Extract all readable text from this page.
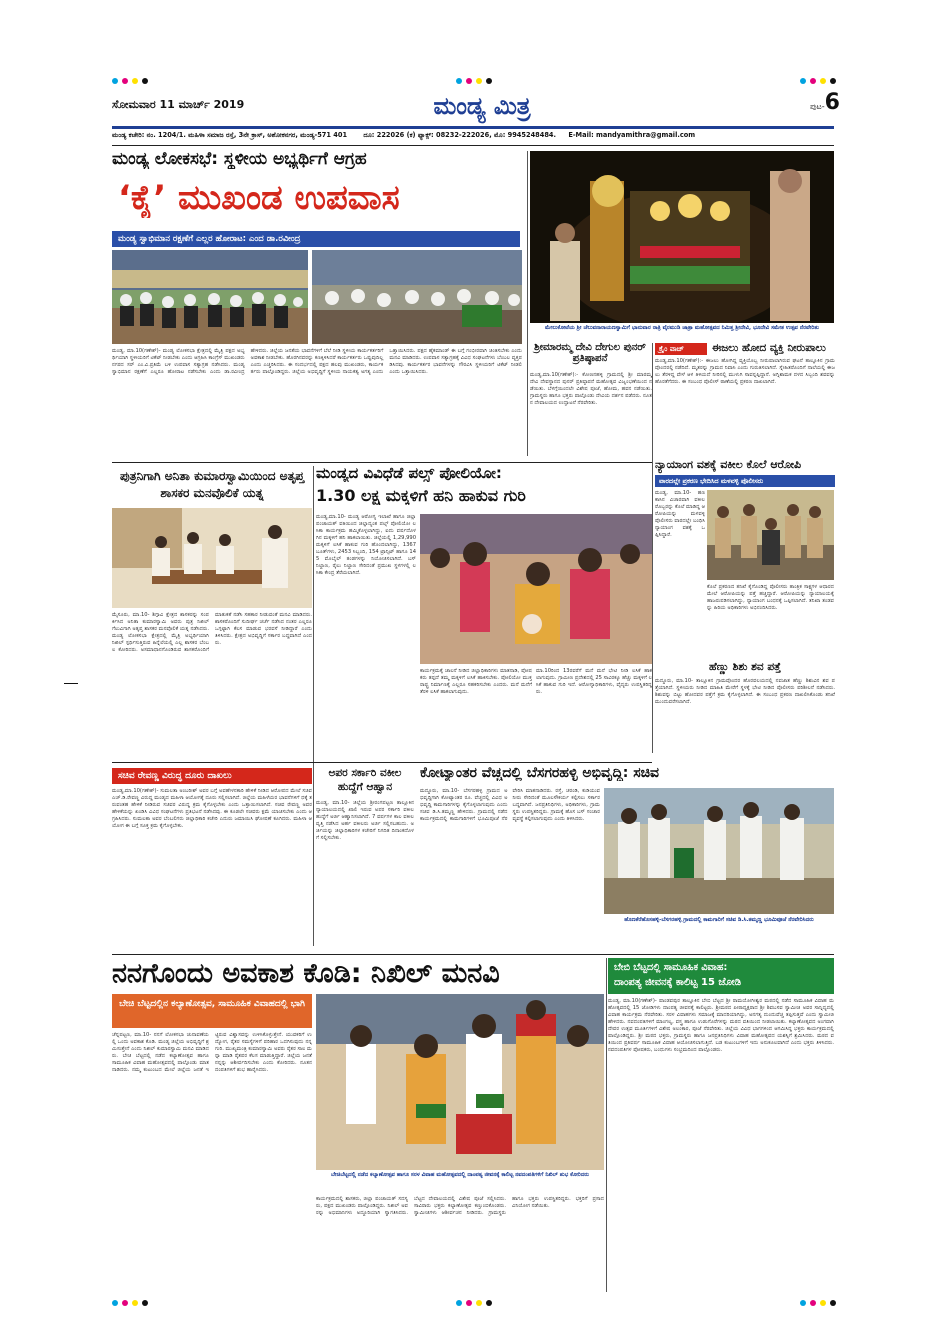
ಸೋಮವಾರ 11 ಮಾರ್ಚ್ 2019	ಮಂಡ್ಯ ಮಿತ್ರ	ಪುಟ-6
ಮಂಡ್ಯ ಕಚೇರಿ: ನಂ. 1204/1. ಮಹಿಳಾ ಸಮಾಜ ರಸ್ತೆ, 3ನೇ ಕ್ರಾಸ್, ಅಶೋಕನಗರ, ಮಂಡ್ಯ-571 401 ದೂ: 222026 (ಕ) ಫ್ಯಾಕ್ಸ್: 08232-222026, ಮೊ: 9945248484. E-Mail: mandyamithra@gmail.com
ಮಂಡ್ಯ ಲೋಕಸಭೆ: ಸ್ಥಳೀಯ ಅಭ್ಯರ್ಥಿಗೆ ಆಗ್ರಹ
‘ಕೈ’ ಮುಖಂಡ ಉಪವಾಸ
ಮಂಡ್ಯ ಸ್ವಾಭಿಮಾನ ರಕ್ಷಣೆಗೆ ಎಲ್ಲರ ಹೋರಾಟ: ಎಂದ ಡಾ.ರವೀಂದ್ರ
ಮಂಡ್ಯ, ಮಾ.10(ಗಣೇಶ್)- ಮಂಡ್ಯ ಲೋಕಸಭಾ ಕ್ಷೇತ್ರದಲ್ಲಿ ಮೈತ್ರಿ ಪಕ್ಷದ ಅಭ್ಯರ್ಥಿಯಾಗಿ ಸ್ಥಳೀಯರಿಗೆ ಟಿಕೆಟ್ ನೀಡಬೇಕು ಎಂದು ಆಗ್ರಹಿಸಿ ಕಾಂಗ್ರೆಸ್ ಮುಖಂಡರು ನಗರದ ಸರ್ ಎಂ.ವಿ.ಪ್ರತಿಮೆ ಬಳಿ ಉಪವಾಸ ಸತ್ಯಾಗ್ರಹ ನಡೆಸಿದರು. ಮಂಡ್ಯ ಸ್ವಾಭಿಮಾನ ರಕ್ಷಣೆಗೆ ಎಲ್ಲರೂ ಹೋರಾಟ ನಡೆಸಬೇಕು ಎಂದು ಡಾ.ರವೀಂದ್ರ ಹೇಳಿದರು. ಜಿಲ್ಲೆಯ ಜನತೆಯ ಭಾವನೆಗಳಿಗೆ ಬೆಲೆ ನೀಡಿ ಸ್ಥಳೀಯ ಕಾರ್ಯಕರ್ತರಿಗೆ ಅವಕಾಶ ನೀಡಬೇಕು. ಹೊರಗಿನವರನ್ನು ಕಣಕ್ಕಿಳಿಸಿದರೆ ಕಾರ್ಯಕರ್ತರು ಒಪ್ಪುವುದಿಲ್ಲ ಎಂದು ಎಚ್ಚರಿಸಿದರು. ಈ ಸಂದರ್ಭದಲ್ಲಿ ಪಕ್ಷದ ಹಲವು ಮುಖಂಡರು, ಕಾರ್ಯಕರ್ತರು ಪಾಲ್ಗೊಂಡಿದ್ದರು. ಜಿಲ್ಲೆಯ ಅಭಿವೃದ್ಧಿಗೆ ಸ್ಥಳೀಯ ನಾಯಕತ್ವ ಅಗತ್ಯ ಎಂದು ಒತ್ತಾಯಿಸಿದರು. ಪಕ್ಷದ ಹೈಕಮಾಂಡ್ ಈ ಬಗ್ಗೆ ಗಂಭೀರವಾಗಿ ಚಿಂತಿಸಬೇಕು ಎಂದು ಮನವಿ ಮಾಡಿದರು. ಉಪವಾಸ ಸತ್ಯಾಗ್ರಹಕ್ಕೆ ವಿವಿಧ ಸಂಘಟನೆಗಳು ಬೆಂಬಲ ವ್ಯಕ್ತಪಡಿಸಿದವು. ಕಾರ್ಯಕರ್ತರ ಭಾವನೆಗಳನ್ನು ಗೌರವಿಸಿ ಸ್ಥಳೀಯರಿಗೆ ಟಿಕೆಟ್ ನೀಡಲಿ ಎಂದು ಒತ್ತಾಯಿಸಿದರು.
ಮೇಲುಕೋಟೆಯ ಶ್ರೀ ಚೆಲುವನಾರಾಯಣಸ್ವಾಮಿಗೆ ಭಾನುವಾರ ರಾತ್ರಿ ವೈರಮುಡಿ ಜಾತ್ರಾ ಮಹೋತ್ಸವದ ನಿಮಿತ್ತ ಶ್ರೀದೇವಿ, ಭೂದೇವಿ ಸಮೇತ ಉತ್ಸವ ನೆರವೇರಿತು
ಶ್ರೀಮಾರಮ್ಮ ದೇವಿ ದೇಗುಲ ಪುನರ್ ಪ್ರತಿಷ್ಠಾಪನೆ
ಮಂಡ್ಯ,ಮಾ.10(ಗಣೇಶ್):- ಕೋಣನಹಳ್ಳಿ ಗ್ರಾಮದಲ್ಲಿ ಶ್ರೀ ಮಾರಮ್ಮ ದೇವಿ ದೇವಸ್ಥಾನದ ಪುನರ್ ಪ್ರತಿಷ್ಠಾಪನೆ ಮಹೋತ್ಸವ ವಿಜೃಂಭಣೆಯಿಂದ ನಡೆಯಿತು. ಬೆಳಗ್ಗೆಯಿಂದಲೇ ವಿಶೇಷ ಪೂಜೆ, ಹೋಮ, ಹವನ ನಡೆಯಿತು. ಗ್ರಾಮಸ್ಥರು ಹಾಗೂ ಭಕ್ತರು ಪಾಲ್ಗೊಂಡು ದೇವಿಯ ದರ್ಶನ ಪಡೆದರು. ನೂತನ ದೇವಾಲಯದ ಉದ್ಘಾಟನೆ ನೆರವೇರಿತು.
ಕ್ರೈಂ ವಾಚ್	ಈಜಲು ಹೋದ ವ್ಯಕ್ತಿ ನೀರುಪಾಲು
ಮಂಡ್ಯ,ಮಾ.10(ಗಣೇಶ್):- ಈಜಲು ಹೋಗಿದ್ದ ವ್ಯಕ್ತಿಯೊಬ್ಬ ನೀರುಪಾಲಾಗಿರುವ ಘಟನೆ ತಾಲ್ಲೂಕಿನ ಗ್ರಾಮವೊಂದರಲ್ಲಿ ನಡೆದಿದೆ. ಮೃತರನ್ನು ಗ್ರಾಮದ ನಿವಾಸಿ ಎಂದು ಗುರುತಿಸಲಾಗಿದೆ. ಸ್ನೇಹಿತರೊಂದಿಗೆ ನಾಲೆಯಲ್ಲಿ ಈಜಲು ತೆರಳಿದ್ದ ವೇಳೆ ಆಳ ತಿಳಿಯದೆ ನೀರಿನಲ್ಲಿ ಮುಳುಗಿ ಸಾವನ್ನಪ್ಪಿದ್ದಾನೆ. ಅಗ್ನಿಶಾಮಕ ದಳದ ಸಿಬ್ಬಂದಿ ಶವವನ್ನು ಹೊರತೆಗೆದರು. ಈ ಸಂಬಂಧ ಪೊಲೀಸ್ ಠಾಣೆಯಲ್ಲಿ ಪ್ರಕರಣ ದಾಖಲಾಗಿದೆ.
ನ್ಯಾಯಾಂಗ ವಶಕ್ಕೆ ವಕೀಲ ಕೊಲೆ ಆರೋಪಿ
ವಾರದಲ್ಲೇ ಪ್ರಕರಣ ಭೇದಿಸಿದ ಮಳವಳ್ಳಿ ಪೊಲೀಸರು
ಮಂಡ್ಯ, ಮಾ.10- ಹಣಕಾಸಿನ ವಿಚಾರವಾಗಿ ವಕೀಲರೊಬ್ಬರನ್ನು ಕೊಲೆ ಮಾಡಿದ್ದ ಆರೋಪಿಯನ್ನು ಮಳವಳ್ಳಿ ಪೊಲೀಸರು ವಾರದಲ್ಲೇ ಬಂಧಿಸಿ ನ್ಯಾಯಾಂಗ ವಶಕ್ಕೆ ಒಪ್ಪಿಸಿದ್ದಾರೆ.
ಕೊಲೆ ಪ್ರಕರಣದ ತನಿಖೆ ಕೈಗೊಂಡಿದ್ದ ಪೊಲೀಸರು ತಾಂತ್ರಿಕ ಸಾಕ್ಷ್ಯಗಳ ಆಧಾರದ ಮೇಲೆ ಆರೋಪಿಯನ್ನು ಪತ್ತೆ ಹಚ್ಚಿದ್ದಾರೆ. ಆರೋಪಿಯನ್ನು ನ್ಯಾಯಾಲಯಕ್ಕೆ ಹಾಜರುಪಡಿಸಲಾಗಿದ್ದು, ನ್ಯಾಯಾಂಗ ಬಂಧನಕ್ಕೆ ಒಪ್ಪಿಸಲಾಗಿದೆ. ತನಿಖಾ ತಂಡವನ್ನು ಹಿರಿಯ ಅಧಿಕಾರಿಗಳು ಅಭಿನಂದಿಸಿದರು.
ಹೆಣ್ಣು ಶಿಶು ಶವ ಪತ್ತೆ
ಮದ್ದೂರು, ಮಾ.10- ತಾಲ್ಲೂಕಿನ ಗ್ರಾಮವೊಂದರ ಹೊರವಲಯದಲ್ಲಿ ನವಜಾತ ಹೆಣ್ಣು ಶಿಶುವಿನ ಶವ ಪತ್ತೆಯಾಗಿದೆ. ಸ್ಥಳೀಯರು ನೀಡಿದ ಮಾಹಿತಿ ಮೇರೆಗೆ ಸ್ಥಳಕ್ಕೆ ಭೇಟಿ ನೀಡಿದ ಪೊಲೀಸರು ಪರಿಶೀಲನೆ ನಡೆಸಿದರು. ಶಿಶುವನ್ನು ಬಿಟ್ಟು ಹೋದವರ ಪತ್ತೆಗೆ ಕ್ರಮ ಕೈಗೊಳ್ಳಲಾಗಿದೆ. ಈ ಸಂಬಂಧ ಪ್ರಕರಣ ದಾಖಲಿಸಿಕೊಂಡು ತನಿಖೆ ಮುಂದುವರೆಸಲಾಗಿದೆ.
ಪುತ್ರನಿಗಾಗಿ ಅನಿತಾ ಕುಮಾರಸ್ವಾಮಿಯಿಂದ ಅತೃಪ್ತ ಶಾಸಕರ ಮನವೊಲಿಕೆ ಯತ್ನ
ಮೈಸೂರು, ಮಾ.10- ಶಿಗ್ಗಾವಿ ಕ್ಷೇತ್ರದ ಶಾಸಕರನ್ನು ಸಂಪರ್ಕಿಸಿದ ಅನಿತಾ ಕುಮಾರಸ್ವಾಮಿ ಅವರು ಪುತ್ರ ನಿಖಿಲ್ ಗೆಲುವಿಗಾಗಿ ಅತೃಪ್ತ ಶಾಸಕರ ಮನವೊಲಿಕೆ ಯತ್ನ ನಡೆಸಿದರು. ಮಂಡ್ಯ ಲೋಕಸಭಾ ಕ್ಷೇತ್ರದಲ್ಲಿ ಮೈತ್ರಿ ಅಭ್ಯರ್ಥಿಯಾಗಿ ನಿಖಿಲ್ ಸ್ಪರ್ಧಿಸುತ್ತಿರುವ ಹಿನ್ನೆಲೆಯಲ್ಲಿ ಎಲ್ಲ ಶಾಸಕರ ಬೆಂಬಲ ಕೋರಿದರು. ಅಸಮಾಧಾನಗೊಂಡಿರುವ ಶಾಸಕರೊಂದಿಗೆ ಮಾತುಕತೆ ನಡೆಸಿ ಸಹಕಾರ ನೀಡುವಂತೆ ಮನವಿ ಮಾಡಿದರು. ಶಾಸಕರೊಂದಿಗೆ ಸುದೀರ್ಘ ಚರ್ಚೆ ನಡೆಸಿದ ನಂತರ ಎಲ್ಲರೂ ಒಗ್ಗಟ್ಟಾಗಿ ಕೆಲಸ ಮಾಡುವ ಭರವಸೆ ನೀಡಿದ್ದಾರೆ ಎಂದು ತಿಳಿಸಿದರು. ಕ್ಷೇತ್ರದ ಅಭಿವೃದ್ಧಿಗೆ ಸರ್ಕಾರ ಬದ್ಧವಾಗಿದೆ ಎಂದರು.
ಮಂಡ್ಯದ ವಿವಿಧೆಡೆ ಪಲ್ಸ್ ಪೋಲಿಯೋ:
1.30 ಲಕ್ಷ ಮಕ್ಕಳಿಗೆ ಹನಿ ಹಾಕುವ ಗುರಿ
ಮಂಡ್ಯ,ಮಾ.10- ಮಂಡ್ಯ ಆರೋಗ್ಯ ಇಲಾಖೆ ಹಾಗೂ ಜಿಲ್ಲಾ ಪಂಚಾಯತ್ ವತಿಯಿಂದ ಜಿಲ್ಲಾದ್ಯಂತ ಪಲ್ಸ್ ಪೋಲಿಯೋ ಲಸಿಕಾ ಕಾರ್ಯಕ್ರಮ ಹಮ್ಮಿಕೊಳ್ಳಲಾಗಿದ್ದು, ಐದು ವರ್ಷದೊಳಗಿನ ಮಕ್ಕಳಿಗೆ ಹನಿ ಹಾಕಲಾಯಿತು. ಜಿಲ್ಲೆಯಲ್ಲಿ 1,29,990 ಮಕ್ಕಳಿಗೆ ಲಸಿಕೆ ಹಾಕುವ ಗುರಿ ಹೊಂದಲಾಗಿದ್ದು, 1367 ಬೂತ್‌ಗಳು, 2453 ಸಿಬ್ಬಂದಿ, 154 ಟ್ರಾನ್ಸಿಟ್ ಹಾಗೂ 145 ಮೊಬೈಲ್ ತಂಡಗಳನ್ನು ನಿಯೋಜಿಸಲಾಗಿದೆ. ಬಸ್ ನಿಲ್ದಾಣ, ರೈಲು ನಿಲ್ದಾಣ ಸೇರಿದಂತೆ ಪ್ರಮುಖ ಸ್ಥಳಗಳಲ್ಲಿ ಲಸಿಕಾ ಕೇಂದ್ರ ತೆರೆಯಲಾಗಿದೆ.
ಕಾರ್ಯಕ್ರಮಕ್ಕೆ ಚಾಲನೆ ನೀಡಿದ ಜಿಲ್ಲಾಧಿಕಾರಿಗಳು ಮಾತನಾಡಿ, ಪೋಷಕರು ತಪ್ಪದೆ ತಮ್ಮ ಮಕ್ಕಳಿಗೆ ಲಸಿಕೆ ಹಾಕಿಸಬೇಕು. ಪೋಲಿಯೋ ಮುಕ್ತ ರಾಷ್ಟ್ರ ನಿರ್ಮಾಣಕ್ಕೆ ಎಲ್ಲರೂ ಸಹಕರಿಸಬೇಕು ಎಂದರು. ಮನೆ ಮನೆಗೆ ತೆರಳಿ ಲಸಿಕೆ ಹಾಕಲಾಗುವುದು.
ಮಾ.10ರಿಂದ 13ರವರೆಗೆ ಮನೆ ಮನೆ ಭೇಟಿ ನೀಡಿ ಲಸಿಕೆ ಹಾಕಲಾಗುವುದು. ಗ್ರಾಮೀಣ ಪ್ರದೇಶದಲ್ಲಿ 25 ಸಾವಿರಕ್ಕೂ ಹೆಚ್ಚು ಮಕ್ಕಳಿಗೆ ಲಸಿಕೆ ಹಾಕುವ ಗುರಿ ಇದೆ. ಆರೋಗ್ಯಾಧಿಕಾರಿಗಳು, ವೈದ್ಯರು ಉಪಸ್ಥಿತರಿದ್ದರು.
ಸಚಿವ ರೇವಣ್ಣ ವಿರುದ್ಧ ದೂರು ದಾಖಲು
ಮಂಡ್ಯ,ಮಾ.10(ಗಣೇಶ್)- ಸುಮಲತಾ ಅಂಬರೀಶ್ ಅವರ ಬಗ್ಗೆ ಅವಹೇಳನಕಾರಿ ಹೇಳಿಕೆ ನೀಡಿದ ಆರೋಪದ ಮೇಲೆ ಸಚಿವ ಎಚ್.ಡಿ.ರೇವಣ್ಣ ವಿರುದ್ಧ ಮಂಡ್ಯದ ಮಹಿಳಾ ಆಯೋಗಕ್ಕೆ ದೂರು ಸಲ್ಲಿಸಲಾಗಿದೆ. ಜಿಲ್ಲೆಯ ಮಹಿಳೆಯರ ಭಾವನೆಗಳಿಗೆ ಧಕ್ಕೆ ತರುವಂತಹ ಹೇಳಿಕೆ ನೀಡಿರುವ ಸಚಿವರ ವಿರುದ್ಧ ಕ್ರಮ ಕೈಗೊಳ್ಳಬೇಕು ಎಂದು ಒತ್ತಾಯಿಸಲಾಗಿದೆ. ಸಚಿವ ರೇವಣ್ಣ ಅವರ ಹೇಳಿಕೆಯನ್ನು ಖಂಡಿಸಿ ವಿವಿಧ ಸಂಘಟನೆಗಳು ಪ್ರತಿಭಟನೆ ನಡೆಸಿದವು. ಈ ಕೂಡಲೇ ಸಚಿವರು ಕ್ಷಮೆ ಯಾಚಿಸಬೇಕು ಎಂದು ಆಗ್ರಹಿಸಿದರು. ಸುಮಲತಾ ಅವರ ಬೆಂಬಲಿಗರು ಜಿಲ್ಲಾಧಿಕಾರಿ ಕಚೇರಿ ಎದುರು ಜಮಾಯಿಸಿ ಘೋಷಣೆ ಕೂಗಿದರು. ಮಹಿಳಾ ಆಯೋಗ ಈ ಬಗ್ಗೆ ಸೂಕ್ತ ಕ್ರಮ ಕೈಗೊಳ್ಳಬೇಕು.
ಅಪರ ಸರ್ಕಾರಿ ವಕೀಲ ಹುದ್ದೆಗೆ ಆಹ್ವಾನ
ಮಂಡ್ಯ, ಮಾ.10- ಜಿಲ್ಲೆಯ ಶ್ರೀರಂಗಪಟ್ಟಣ ತಾಲ್ಲೂಕಿನ ನ್ಯಾಯಾಲಯದಲ್ಲಿ ಖಾಲಿ ಇರುವ ಅಪರ ಸರ್ಕಾರಿ ವಕೀಲ ಹುದ್ದೆಗೆ ಅರ್ಜಿ ಆಹ್ವಾನಿಸಲಾಗಿದೆ. 7 ವರ್ಷಗಳ ಕಾಲ ವಕೀಲ ವೃತ್ತಿ ನಡೆಸಿದ ಅರ್ಹ ವಕೀಲರು ಅರ್ಜಿ ಸಲ್ಲಿಸಬಹುದು. ಅರ್ಜಿಯನ್ನು ಜಿಲ್ಲಾಧಿಕಾರಿಗಳ ಕಚೇರಿಗೆ ನಿಗದಿತ ದಿನಾಂಕದೊಳಗೆ ಸಲ್ಲಿಸಬೇಕು.
ಕೋಟ್ಯಾಂತರ ವೆಚ್ಚದಲ್ಲಿ ಬೆಸಗರಹಳ್ಳಿ ಅಭಿವೃದ್ಧಿ: ಸಚಿವ
ಮದ್ದೂರು, ಮಾ.10- ಬೆಸಗರಹಳ್ಳಿ ಗ್ರಾಮದ ಅಭಿವೃದ್ಧಿಗಾಗಿ ಕೋಟ್ಯಾಂತರ ರೂ. ವೆಚ್ಚದಲ್ಲಿ ವಿವಿಧ ಅಭಿವೃದ್ಧಿ ಕಾಮಗಾರಿಗಳನ್ನು ಕೈಗೊಳ್ಳಲಾಗುವುದು ಎಂದು ಸಚಿವ ಡಿ.ಸಿ.ತಮ್ಮಣ್ಣ ಹೇಳಿದರು. ಗ್ರಾಮದಲ್ಲಿ ನಡೆದ ಕಾರ್ಯಕ್ರಮದಲ್ಲಿ ಕಾಮಗಾರಿಗಳಿಗೆ ಭೂಮಿಪೂಜೆ ನೆರವೇರಿಸಿ ಮಾತನಾಡಿದರು. ರಸ್ತೆ, ಚರಂಡಿ, ಕುಡಿಯುವ ನೀರು ಸೇರಿದಂತೆ ಮೂಲಸೌಕರ್ಯ ಕಲ್ಪಿಸಲು ಸರ್ಕಾರ ಬದ್ಧವಾಗಿದೆ. ಜನಪ್ರತಿನಿಧಿಗಳು, ಅಧಿಕಾರಿಗಳು, ಗ್ರಾಮಸ್ಥರು ಉಪಸ್ಥಿತರಿದ್ದರು. ಗ್ರಾಮಕ್ಕೆ ಹೊಸ ಬಸ್ ಸಂಚಾರ ವ್ಯವಸ್ಥೆ ಕಲ್ಪಿಸಲಾಗುವುದು ಎಂದು ತಿಳಿಸಿದರು.
ಹೊಣಕೆರೆಹೊಸಹಳ್ಳಿ-ಬೆಸಗರಹಳ್ಳಿ ಗ್ರಾಮದಲ್ಲಿ ಕಾಮಗಾರಿಗೆ ಸಚಿವ ಡಿ.ಸಿ.ತಮ್ಮಣ್ಣ ಭೂಮಿಪೂಜೆ ನೆರವೇರಿಸಿದರು
ನನಗೊಂದು ಅವಕಾಶ ಕೊಡಿ: ನಿಖಿಲ್ ಮನವಿ
ಬೇಚಿ ಬೆಟ್ಟದಲ್ಲಿನ ಕಲ್ಯಾಣೋತ್ಸವ, ಸಾಮೂಹಿಕ ವಿವಾಹದಲ್ಲಿ ಭಾಗಿ
ಚೆನ್ನಪಟ್ಟಣ, ಮಾ.10- ನನಗೆ ಲೋಕಸಭಾ ಚುನಾವಣೆಯಲ್ಲಿ ಒಂದು ಅವಕಾಶ ಕೊಡಿ. ಮಂಡ್ಯ ಜಿಲ್ಲೆಯ ಅಭಿವೃದ್ಧಿಗೆ ಶ್ರಮಿಸುತ್ತೇನೆ ಎಂದು ನಿಖಿಲ್ ಕುಮಾರಸ್ವಾಮಿ ಮನವಿ ಮಾಡಿದರು. ಬೇಚಿ ಬೆಟ್ಟದಲ್ಲಿ ನಡೆದ ಕಲ್ಯಾಣೋತ್ಸವ ಹಾಗೂ ಸಾಮೂಹಿಕ ವಿವಾಹ ಮಹೋತ್ಸವದಲ್ಲಿ ಪಾಲ್ಗೊಂಡು ಮಾತನಾಡಿದರು. ನಮ್ಮ ಕುಟುಂಬದ ಮೇಲೆ ಜಿಲ್ಲೆಯ ಜನತೆ ಇಟ್ಟಿರುವ ವಿಶ್ವಾಸವನ್ನು ಉಳಿಸಿಕೊಳ್ಳುತ್ತೇನೆ. ಯುವಕರಿಗೆ ಉದ್ಯೋಗ, ರೈತರ ಸಮಸ್ಯೆಗಳಿಗೆ ಪರಿಹಾರ ಒದಗಿಸುವುದು ನನ್ನ ಗುರಿ. ಮುಖ್ಯಮಂತ್ರಿ ಕುಮಾರಸ್ವಾಮಿ ಅವರು ರೈತರ ಸಾಲ ಮನ್ನಾ ಮಾಡಿ ರೈತಪರ ಕೆಲಸ ಮಾಡುತ್ತಿದ್ದಾರೆ. ಜಿಲ್ಲೆಯ ಜನತೆ ನನ್ನನ್ನು ಆಶೀರ್ವದಿಸಬೇಕು ಎಂದು ಕೋರಿದರು. ನೂತನ ದಂಪತಿಗಳಿಗೆ ಶುಭ ಹಾರೈಸಿದರು.
ಬೇಚಿಬೆಟ್ಟದಲ್ಲಿ ನಡೆದ ಕಲ್ಯಾಣೋತ್ಸವ ಹಾಗೂ ಸರಳ ವಿವಾಹ ಮಹೋತ್ಸವದಲ್ಲಿ ದಾಂಪತ್ಯ ಜೀವನಕ್ಕೆ ಕಾಲಿಟ್ಟ ನವದಂಪತಿಗಳಿಗೆ ನಿಖಿಲ್ ಶುಭ ಕೋರಿದರು
ಕಾರ್ಯಕ್ರಮದಲ್ಲಿ ಶಾಸಕರು, ಜಿಲ್ಲಾ ಪಂಚಾಯತ್ ಸದಸ್ಯರು, ಪಕ್ಷದ ಮುಖಂಡರು ಪಾಲ್ಗೊಂಡಿದ್ದರು. ನಿಖಿಲ್ ಅವರನ್ನು ಅಭಿಮಾನಿಗಳು ಅದ್ದೂರಿಯಾಗಿ ಸ್ವಾಗತಿಸಿದರು. ಬೆಟ್ಟದ ದೇವಾಲಯದಲ್ಲಿ ವಿಶೇಷ ಪೂಜೆ ಸಲ್ಲಿಸಿದರು. ಸಾವಿರಾರು ಭಕ್ತರು ಕಲ್ಯಾಣೋತ್ಸವ ಕಣ್ತುಂಬಿಕೊಂಡರು. ಸ್ವಾಮೀಜಿಗಳು ಆಶೀರ್ವಚನ ನೀಡಿದರು. ಗ್ರಾಮಸ್ಥರು ಹಾಗೂ ಭಕ್ತರು ಉಪಸ್ಥಿತರಿದ್ದರು. ಭಕ್ತರಿಗೆ ಪ್ರಸಾದ ವಿನಿಯೋಗ ನಡೆಯಿತು.
ಬೇಬಿ ಬೆಟ್ಟದಲ್ಲಿ ಸಾಮೂಹಿಕ ವಿವಾಹ:
ದಾಂಪತ್ಯ ಜೀವನಕ್ಕೆ ಕಾಲಿಟ್ಟ 15 ಜೋಡಿ
ಮಂಡ್ಯ, ಮಾ.10(ಗಣೇಶ್)- ಪಾಂಡವಪುರ ತಾಲ್ಲೂಕಿನ ಬೇಬಿ ಬೆಟ್ಟದ ಶ್ರೀ ರಾಮಯೋಗೀಶ್ವರ ಮಠದಲ್ಲಿ ನಡೆದ ಸಾಮೂಹಿಕ ವಿವಾಹ ಮಹೋತ್ಸವದಲ್ಲಿ 15 ಜೋಡಿಗಳು ದಾಂಪತ್ಯ ಜೀವನಕ್ಕೆ ಕಾಲಿಟ್ಟರು. ಶ್ರೀಮಠದ ಪೀಠಾಧ್ಯಕ್ಷರಾದ ಶ್ರೀ ಶಿವಬಸವ ಸ್ವಾಮೀಜಿ ಅವರ ಸಾನ್ನಿಧ್ಯದಲ್ಲಿ ವಿವಾಹ ಕಾರ್ಯಕ್ರಮ ನೆರವೇರಿತು. ಸರಳ ವಿವಾಹಗಳು ಸಮಾಜಕ್ಕೆ ಮಾದರಿಯಾಗಿದ್ದು, ಅನಗತ್ಯ ದುಂದುವೆಚ್ಚ ತಪ್ಪಿಸುತ್ತವೆ ಎಂದು ಸ್ವಾಮೀಜಿ ಹೇಳಿದರು. ನವದಂಪತಿಗಳಿಗೆ ಮಾಂಗಲ್ಯ, ವಸ್ತ್ರ ಹಾಗೂ ಉಡುಗೊರೆಗಳನ್ನು ಮಠದ ವತಿಯಿಂದ ನೀಡಲಾಯಿತು. ಕಲ್ಯಾಣೋತ್ಸವದ ಅಂಗವಾಗಿ ದೇವರ ಉತ್ಸವ ಮೂರ್ತಿಗಳಿಗೆ ವಿಶೇಷ ಅಲಂಕಾರ, ಪೂಜೆ ನೆರವೇರಿತು. ಜಿಲ್ಲೆಯ ವಿವಿಧ ಭಾಗಗಳಿಂದ ಆಗಮಿಸಿದ್ದ ಭಕ್ತರು ಕಾರ್ಯಕ್ರಮದಲ್ಲಿ ಪಾಲ್ಗೊಂಡಿದ್ದರು. ಶ್ರೀ ಮಠದ ಭಕ್ತರು, ಗ್ರಾಮಸ್ಥರು ಹಾಗೂ ಜನಪ್ರತಿನಿಧಿಗಳು ವಿವಾಹ ಮಹೋತ್ಸವದ ಯಶಸ್ಸಿಗೆ ಶ್ರಮಿಸಿದರು. ಮಠದ ವತಿಯಿಂದ ಪ್ರತಿವರ್ಷ ಸಾಮೂಹಿಕ ವಿವಾಹ ಆಯೋಜಿಸಲಾಗುತ್ತಿದೆ. ಬಡ ಕುಟುಂಬಗಳಿಗೆ ಇದು ಅನುಕೂಲವಾಗಿದೆ ಎಂದು ಭಕ್ತರು ತಿಳಿಸಿದರು. ನವದಂಪತಿಗಳ ಪೋಷಕರು, ಬಂಧುಗಳು ಸಂಭ್ರಮದಿಂದ ಪಾಲ್ಗೊಂಡರು.
